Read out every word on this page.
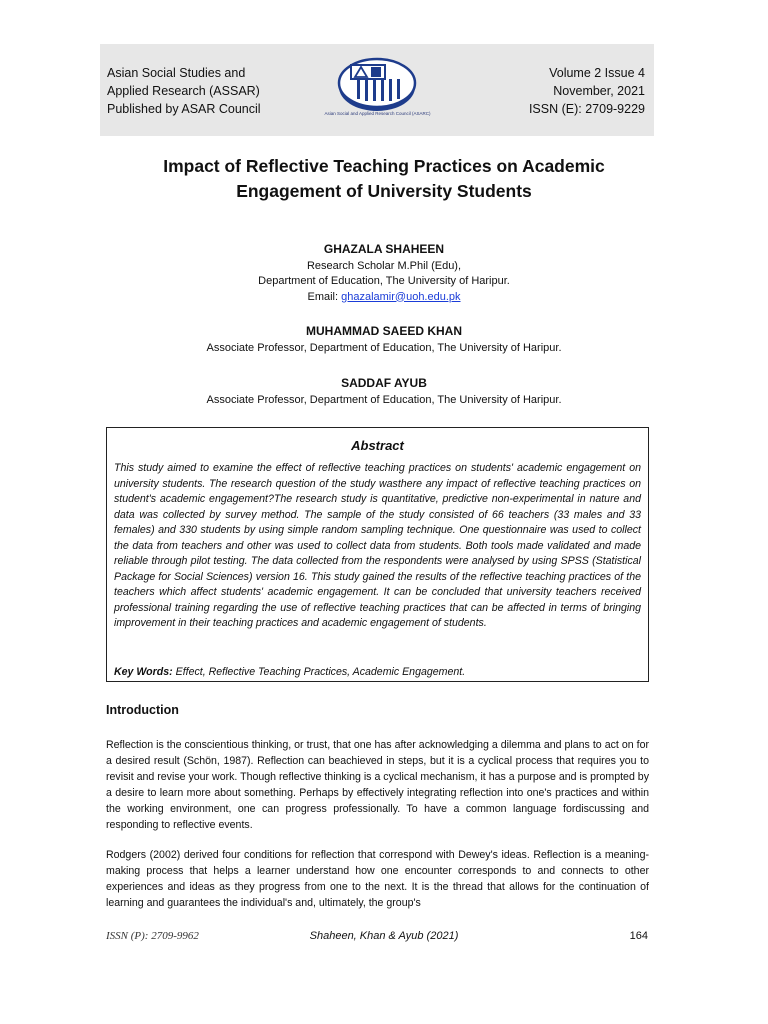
Asian Social Studies and
Applied Research (ASSAR)
Published by ASAR Council	Asian Social and Applied Research Council (ASARC)
Volume 2 Issue 4
November, 2021
ISSN (E): 2709-9229
Impact of Reflective Teaching Practices on Academic
Engagement of University Students
GHAZALA SHAHEEN
Research Scholar M.Phil (Edu),
Department of Education, The University of Haripur.
Email: ghazalamir@uoh.edu.pk
MUHAMMAD SAEED KHAN
Associate Professor, Department of Education, The University of Haripur.
SADDAF AYUB
Associate Professor, Department of Education, The University of Haripur.
Abstract
This study aimed to examine the effect of reflective teaching practices on students' academic engagement on university students. The research question of the study wasthere any impact of reflective teaching practices on student's academic engagement?The research study is quantitative, predictive non-experimental in nature and data was collected by survey method. The sample of the study consisted of 66 teachers (33 males and 33 females) and 330 students by using simple random sampling technique. One questionnaire was used to collect the data from teachers and other was used to collect data from students. Both tools made validated and made reliable through pilot testing. The data collected from the respondents were analysed by using SPSS (Statistical Package for Social Sciences) version 16. This study gained the results of the reflective teaching practices of the teachers which affect students' academic engagement. It can be concluded that university teachers received professional training regarding the use of reflective teaching practices that can be affected in terms of bringing improvement in their teaching practices and academic engagement of students.
Key Words: Effect, Reflective Teaching Practices, Academic Engagement.
Introduction
Reflection is the conscientious thinking, or trust, that one has after acknowledging a dilemma and plans to act on for a desired result (Schön, 1987). Reflection can beachieved in steps, but it is a cyclical process that requires you to revisit and revise your work. Though reflective thinking is a cyclical mechanism, it has a purpose and is prompted by a desire to learn more about something. Perhaps by effectively integrating reflection into one's practices and within the working environment, one can progress professionally. To have a common language fordiscussing and responding to reflective events.
Rodgers (2002) derived four conditions for reflection that correspond with Dewey's ideas. Reflection is a meaning-making process that helps a learner understand how one encounter corresponds to and connects to other experiences and ideas as they progress from one to the next. It is the thread that allows for the continuation of learning and guarantees the individual's and, ultimately, the group's
ISSN (P): 2709-9962	Shaheen, Khan & Ayub (2021)	164
